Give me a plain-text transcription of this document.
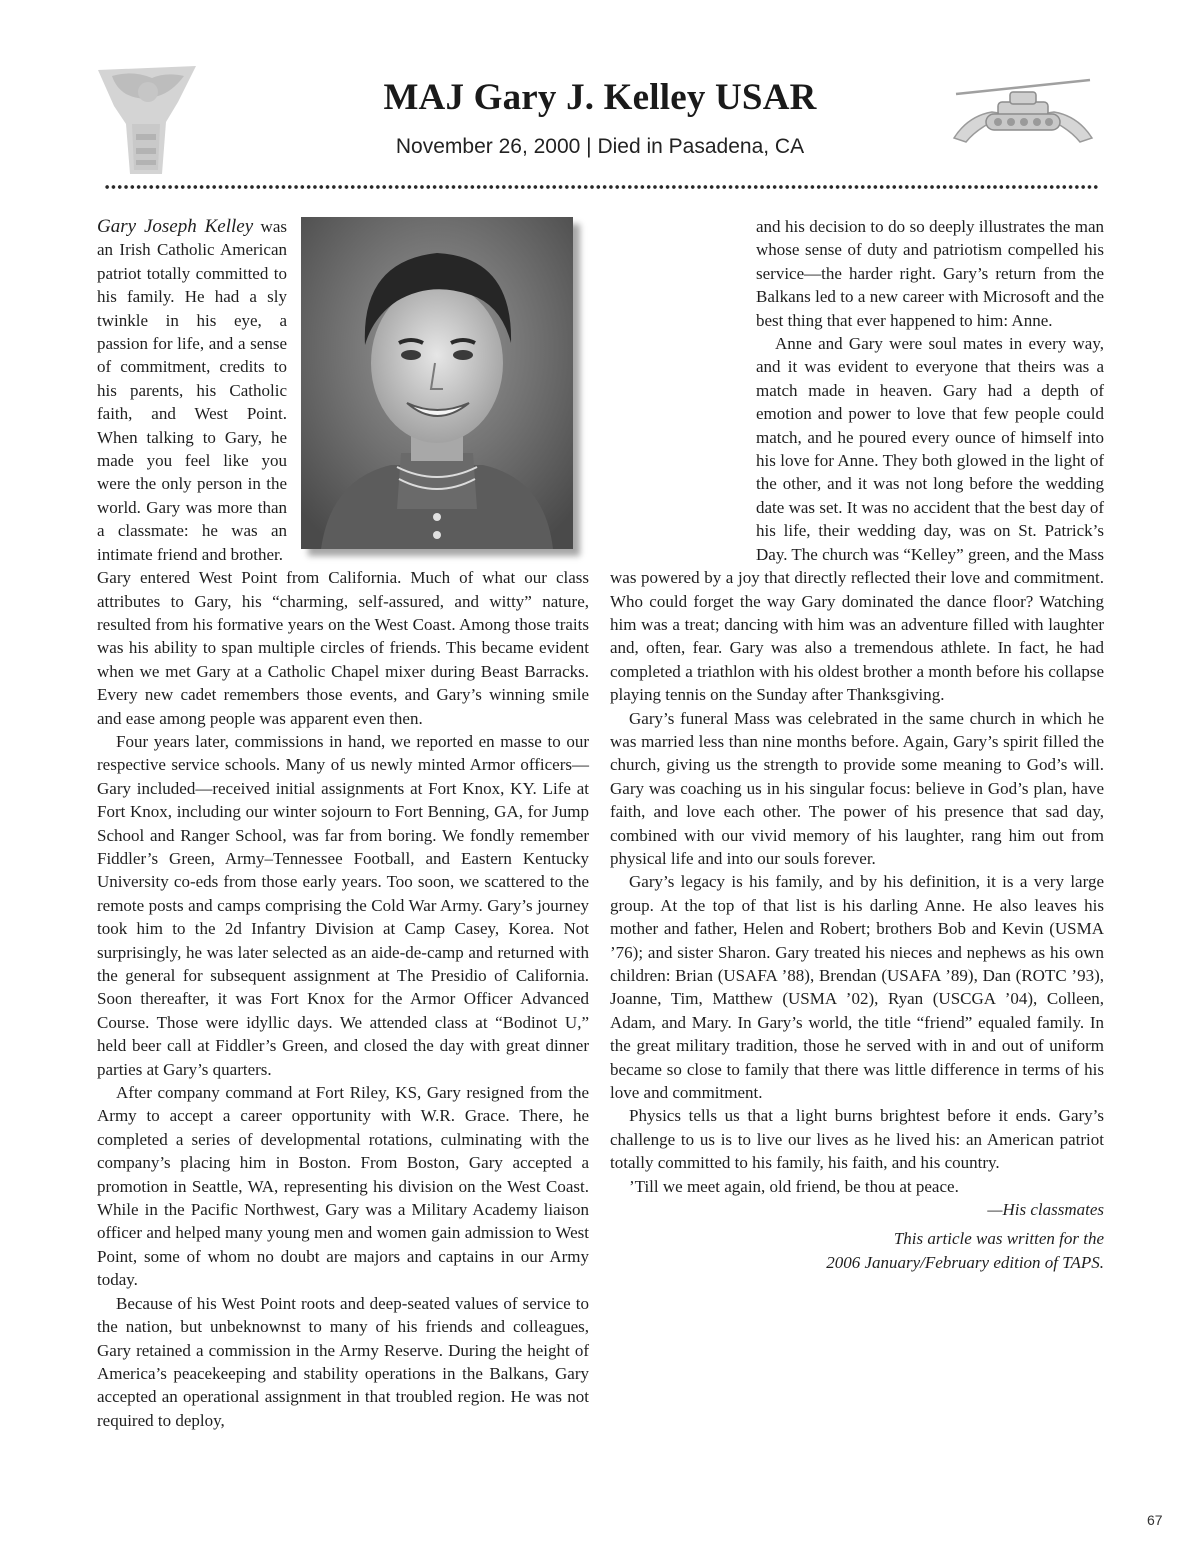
MAJ Gary J. Kelley USAR
November 26, 2000 | Died in Pasadena, CA

Gary Joseph Kelley was an Irish Catholic American patriot totally committed to his family. He had a sly twinkle in his eye, a passion for life, and a sense of commitment, credits to his parents, his Catholic faith, and West Point. When talking to Gary, he made you feel like you were the only person in the world. Gary was more than a classmate: he was an intimate friend and brother.

Gary entered West Point from California. Much of what our class attributes to Gary, his “charming, self-assured, and witty” nature, resulted from his formative years on the West Coast. Among those traits was his ability to span multiple circles of friends. This became evident when we met Gary at a Catholic Chapel mixer during Beast Barracks. Every new cadet remembers those events, and Gary’s winning smile and ease among people was apparent even then.

Four years later, commissions in hand, we reported en masse to our respective service schools. Many of us newly minted Armor officers—Gary included—received initial assignments at Fort Knox, KY. Life at Fort Knox, including our winter sojourn to Fort Benning, GA, for Jump School and Ranger School, was far from boring. We fondly remember Fiddler’s Green, Army–Tennessee Football, and Eastern Kentucky University co-eds from those early years. Too soon, we scattered to the remote posts and camps comprising the Cold War Army. Gary’s journey took him to the 2d Infantry Division at Camp Casey, Korea. Not surprisingly, he was later selected as an aide-de-camp and returned with the general for subsequent assignment at The Presidio of California. Soon thereafter, it was Fort Knox for the Armor Officer Advanced Course. Those were idyllic days. We attended class at “Bodinot U,” held beer call at Fiddler’s Green, and closed the day with great dinner parties at Gary’s quarters.

After company command at Fort Riley, KS, Gary resigned from the Army to accept a career opportunity with W.R. Grace. There, he completed a series of developmental rotations, culminating with the company’s placing him in Boston. From Boston, Gary accepted a promotion in Seattle, WA, representing his division on the West Coast. While in the Pacific Northwest, Gary was a Military Academy liaison officer and helped many young men and women gain admission to West Point, some of whom no doubt are majors and captains in our Army today.

Because of his West Point roots and deep-seated values of service to the nation, but unbeknownst to many of his friends and colleagues, Gary retained a commission in the Army Reserve. During the height of America’s peacekeeping and stability operations in the Balkans, Gary accepted an operational assignment in that troubled region. He was not required to deploy,

and his decision to do so deeply illustrates the man whose sense of duty and patriotism compelled his service—the harder right. Gary’s return from the Balkans led to a new career with Microsoft and the best thing that ever happened to him: Anne.

Anne and Gary were soul mates in every way, and it was evident to everyone that theirs was a match made in heaven. Gary had a depth of emotion and power to love that few people could match, and he poured every ounce of himself into his love for Anne. They both glowed in the light of the other, and it was not long before the wedding date was set. It was no accident that the best day of his life, their wedding day, was on St. Patrick’s Day. The church was “Kelley” green, and the Mass was powered by a joy that directly reflected their love and commitment. Who could forget the way Gary dominated the dance floor? Watching him was a treat; dancing with him was an adventure filled with laughter and, often, fear. Gary was also a tremendous athlete. In fact, he had completed a triathlon with his oldest brother a month before his collapse playing tennis on the Sunday after Thanksgiving.

Gary’s funeral Mass was celebrated in the same church in which he was married less than nine months before. Again, Gary’s spirit filled the church, giving us the strength to provide some meaning to God’s will. Gary was coaching us in his singular focus: believe in God’s plan, have faith, and love each other. The power of his presence that sad day, combined with our vivid memory of his laughter, rang him out from physical life and into our souls forever.

Gary’s legacy is his family, and by his definition, it is a very large group. At the top of that list is his darling Anne. He also leaves his mother and father, Helen and Robert; brothers Bob and Kevin (USMA ’76); and sister Sharon. Gary treated his nieces and nephews as his own children: Brian (USAFA ’88), Brendan (USAFA ’89), Dan (ROTC ’93), Joanne, Tim, Matthew (USMA ’02), Ryan (USCGA ’04), Colleen, Adam, and Mary. In Gary’s world, the title “friend” equaled family. In the great military tradition, those he served with in and out of uniform became so close to family that there was little difference in terms of his love and commitment.

Physics tells us that a light burns brightest before it ends. Gary’s challenge to us is to live our lives as he lived his: an American patriot totally committed to his family, his faith, and his country.

’Till we meet again, old friend, be thou at peace.

—His classmates

This article was written for the

2006 January/February edition of TAPS.

67
